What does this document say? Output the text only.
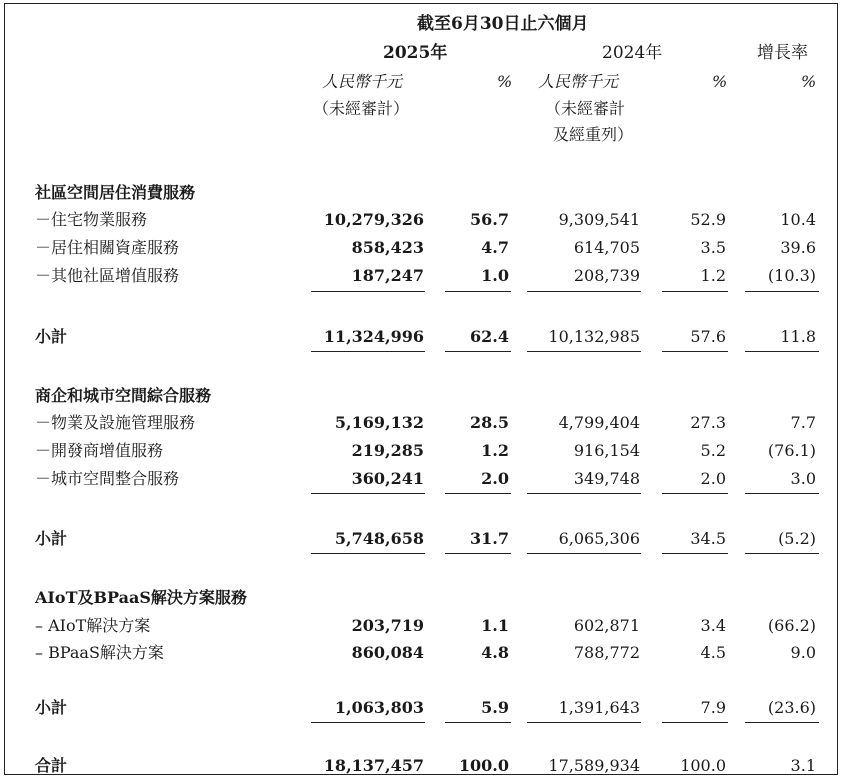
截至6月30日止六個月
2025年	2024年	增長率
人民幣千元	% 人民幣千元	%	%
（未經審計）	（未經審計
及經重列）
社區空間居住消費服務
－住宅物業服務	10,279,326	56.7	9,309,541	52.9	10.4
－居住相關資產服務	858,423	4.7	614,705	3.5	39.6
－其他社區增值服務	187,247	1.0	208,739	1.2	(10.3)
小計	11,324,996	62.4 10,132,985	57.6	11.8
商企和城市空間綜合服務
－物業及設施管理服務	5,169,132	28.5	4,799,404	27.3	7.7
－開發商增值服務	219,285	1.2	916,154	5.2	(76.1)
－城市空間整合服務	360,241	2.0	349,748	2.0	3.0
小計	5,748,658	31.7	6,065,306	34.5	(5.2)
AIoT及BPaaS解決方案服務
– AIoT解決方案	203,719	1.1	602,871	3.4	(66.2)
– BPaaS解決方案	860,084	4.8	788,772	4.5	9.0
小計	1,063,803	5.9	1,391,643	7.9	(23.6)
合計	18,137,457 100.0 17,589,934	100.0	3.1
